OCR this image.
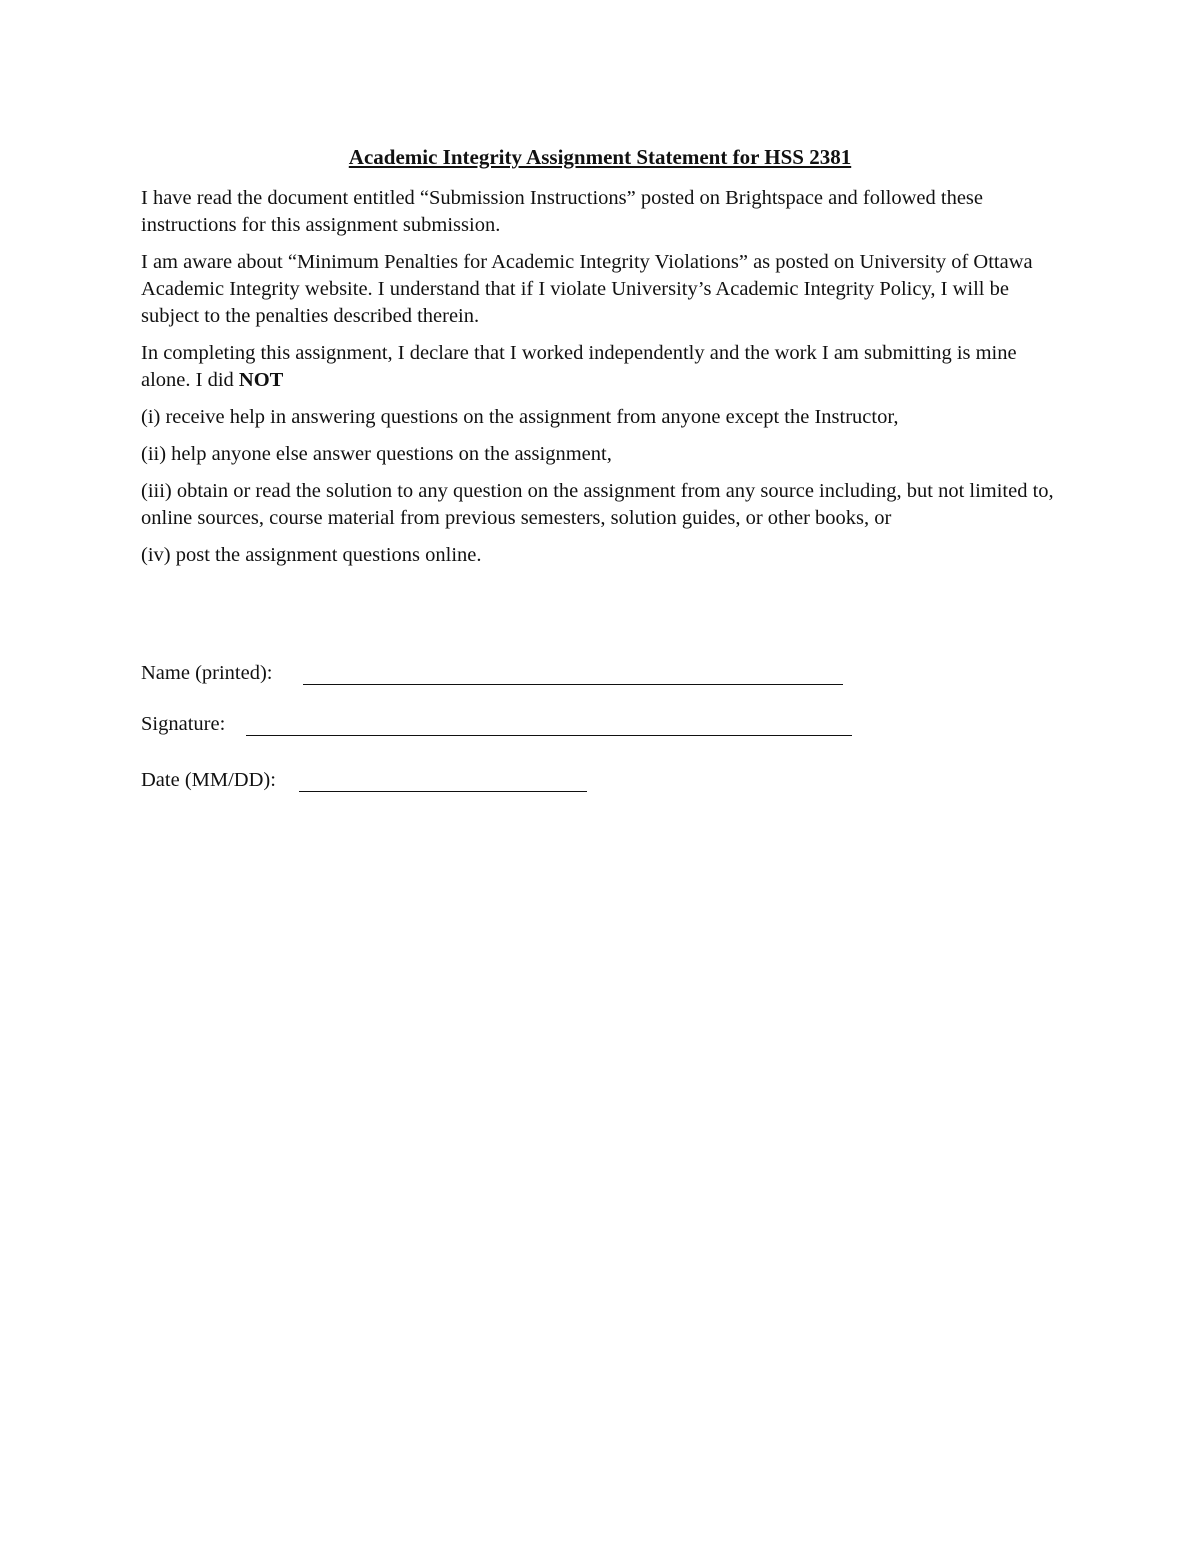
Academic Integrity Assignment Statement for HSS 2381

I have read the document entitled “Submission Instructions” posted on Brightspace and followed these instructions for this assignment submission.

I am aware about “Minimum Penalties for Academic Integrity Violations” as posted on University of Ottawa Academic Integrity website. I understand that if I violate University’s Academic Integrity Policy, I will be subject to the penalties described therein.

In completing this assignment, I declare that I worked independently and the work I am submitting is mine alone. I did NOT

(i) receive help in answering questions on the assignment from anyone except the Instructor,

(ii) help anyone else answer questions on the assignment,

(iii) obtain or read the solution to any question on the assignment from any source including, but not limited to, online sources, course material from previous semesters, solution guides, or other books, or

(iv) post the assignment questions online.

Name (printed):
Signature:
Date (MM/DD):
